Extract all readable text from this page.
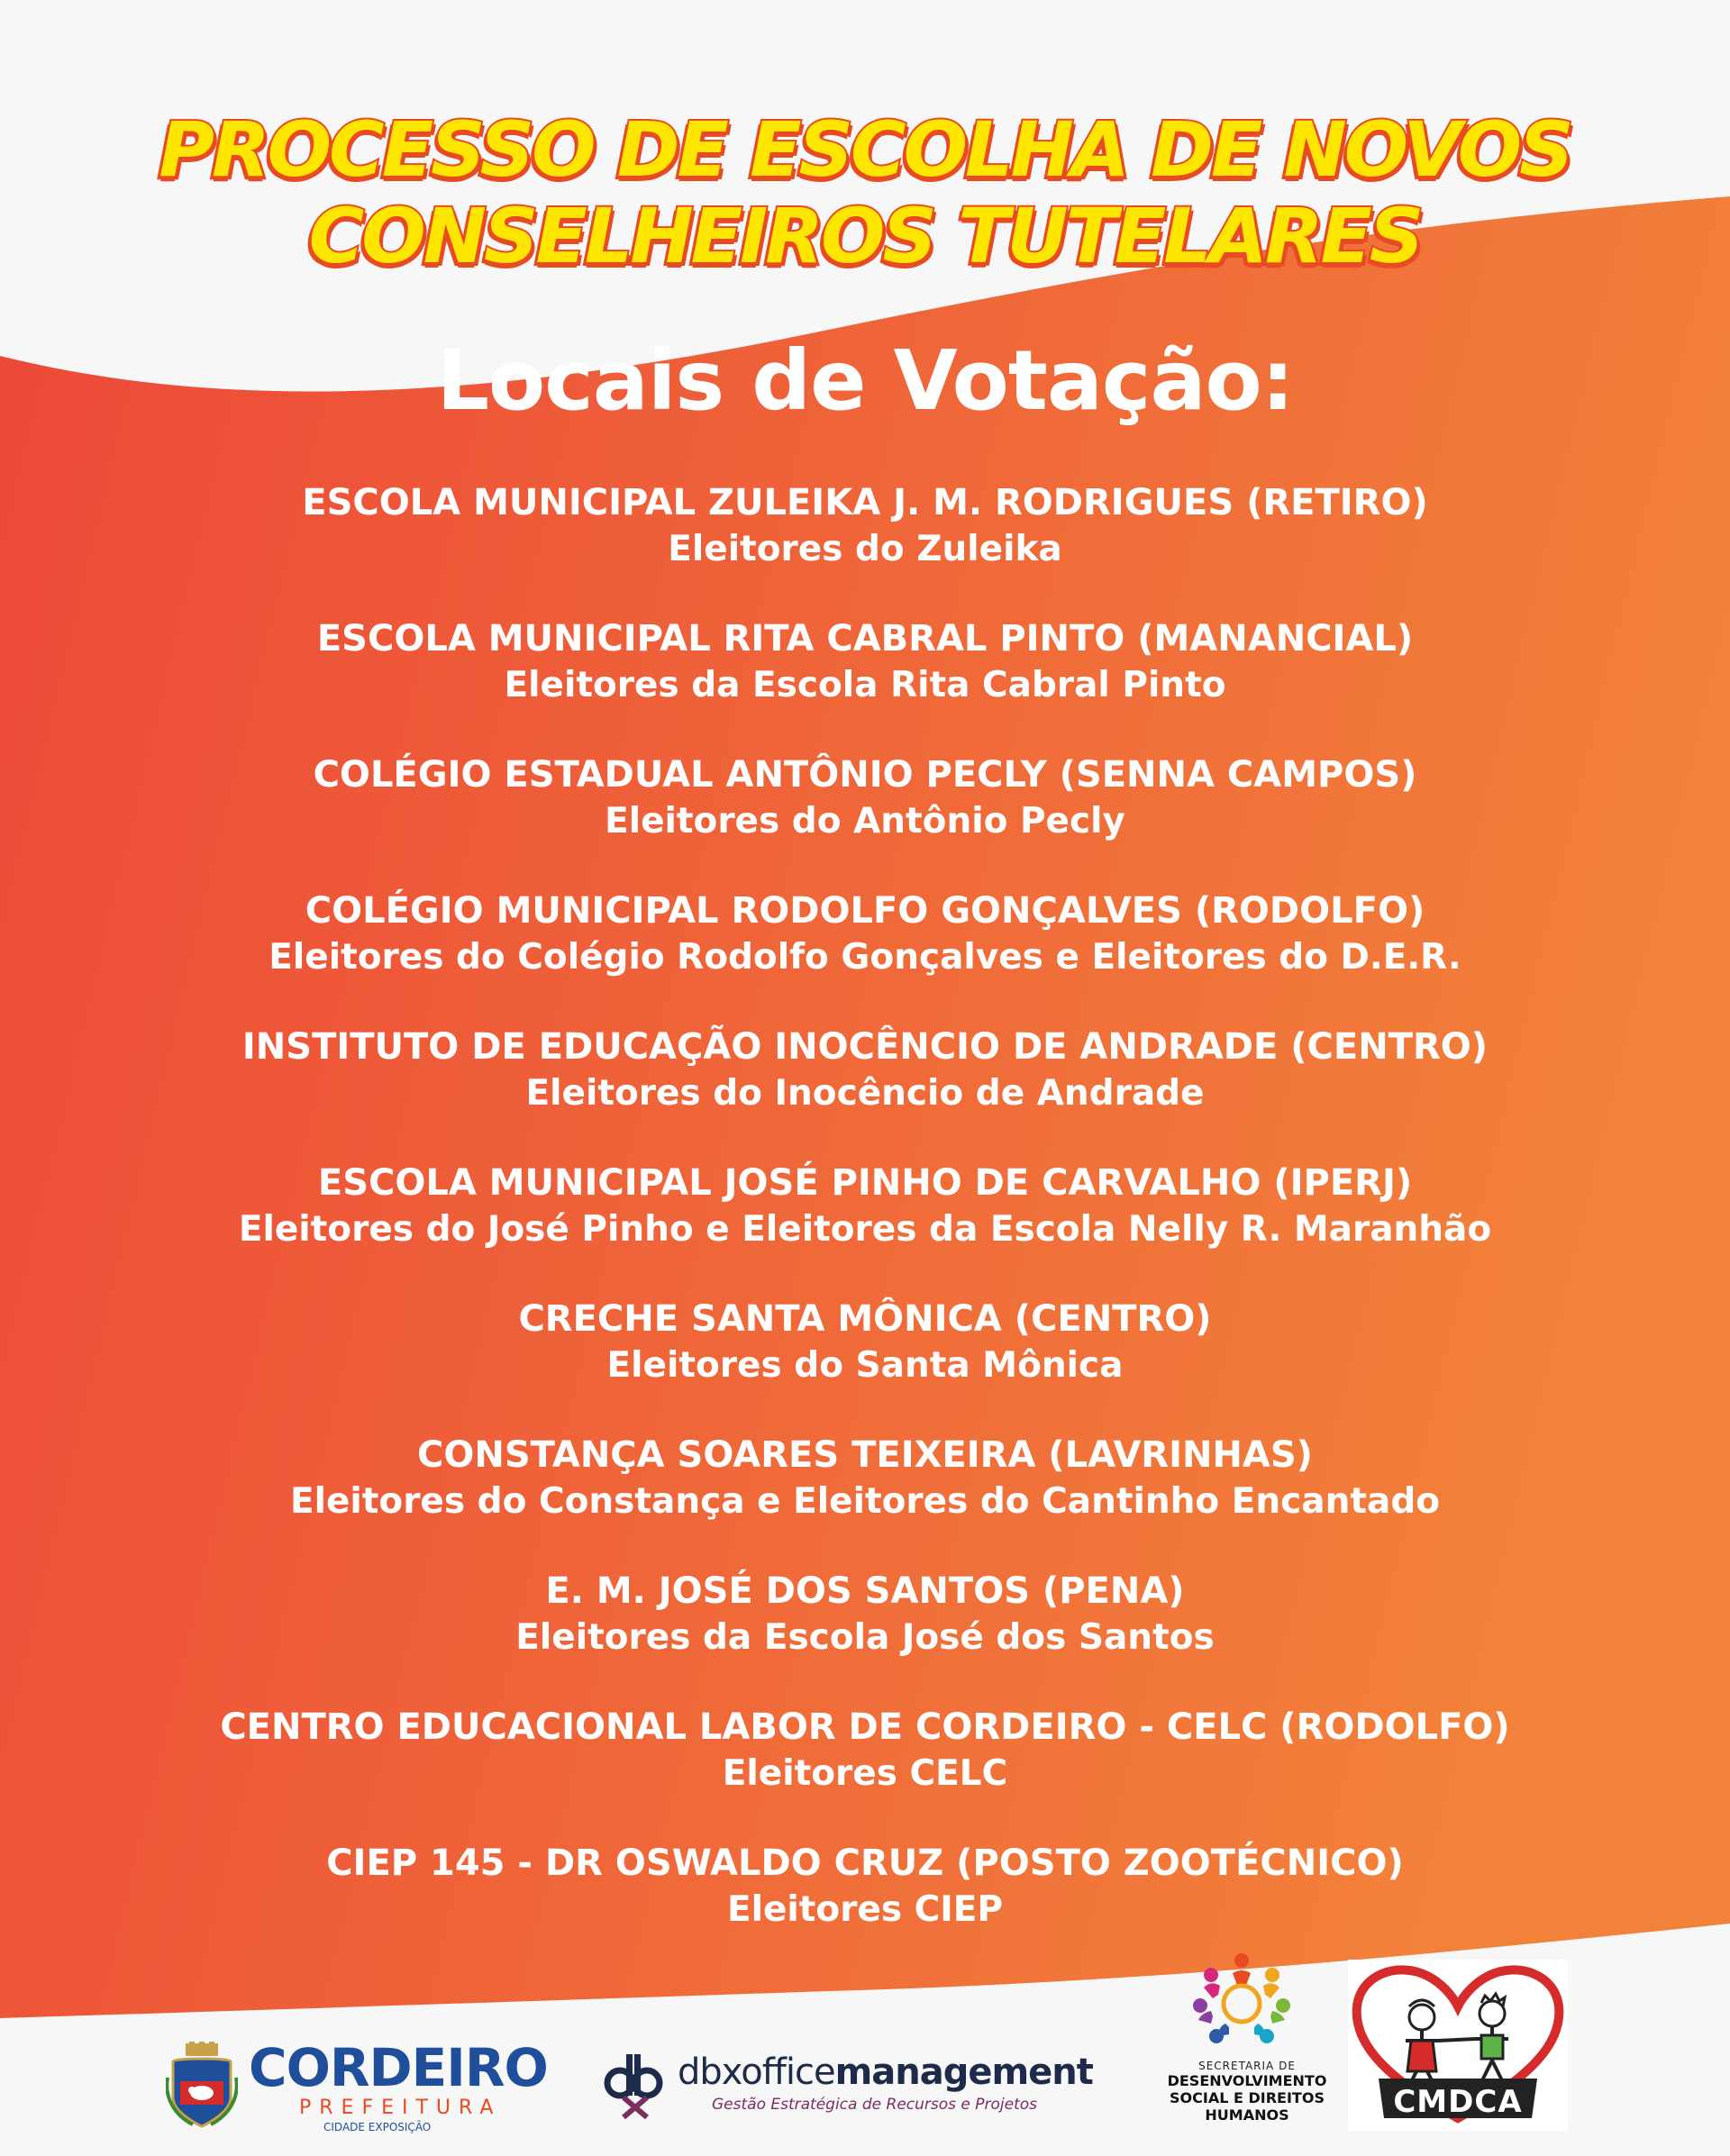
PROCESSO DE ESCOLHA DE NOVOS
CONSELHEIROS TUTELARES
Locais de Votação:
ESCOLA MUNICIPAL ZULEIKA J. M. RODRIGUES (RETIRO)
Eleitores do Zuleika
ESCOLA MUNICIPAL RITA CABRAL PINTO (MANANCIAL)
Eleitores da Escola Rita Cabral Pinto
COLÉGIO ESTADUAL ANTÔNIO PECLY (SENNA CAMPOS)
Eleitores do Antônio Pecly
COLÉGIO MUNICIPAL RODOLFO GONÇALVES (RODOLFO)
Eleitores do Colégio Rodolfo Gonçalves e Eleitores do D.E.R.
INSTITUTO DE EDUCAÇÃO INOCÊNCIO DE ANDRADE (CENTRO)
Eleitores do Inocêncio de Andrade
ESCOLA MUNICIPAL JOSÉ PINHO DE CARVALHO (IPERJ)
Eleitores do José Pinho e Eleitores da Escola Nelly R. Maranhão
CRECHE SANTA MÔNICA (CENTRO)
Eleitores do Santa Mônica
CONSTANÇA SOARES TEIXEIRA (LAVRINHAS)
Eleitores do Constança e Eleitores do Cantinho Encantado
E. M. JOSÉ DOS SANTOS (PENA)
Eleitores da Escola José dos Santos
CENTRO EDUCACIONAL LABOR DE CORDEIRO - CELC (RODOLFO)
Eleitores CELC
CIEP 145 - DR OSWALDO CRUZ (POSTO ZOOTÉCNICO)
Eleitores CIEP
CORDEIRO
PREFEITURA
CIDADE EXPOSIÇÃO
dbxofficemanagement
Gestão Estratégica de Recursos e Projetos
SECRETARIA DE
DESENVOLVIMENTO
SOCIAL E DIREITOS
HUMANOS	CMDCA
